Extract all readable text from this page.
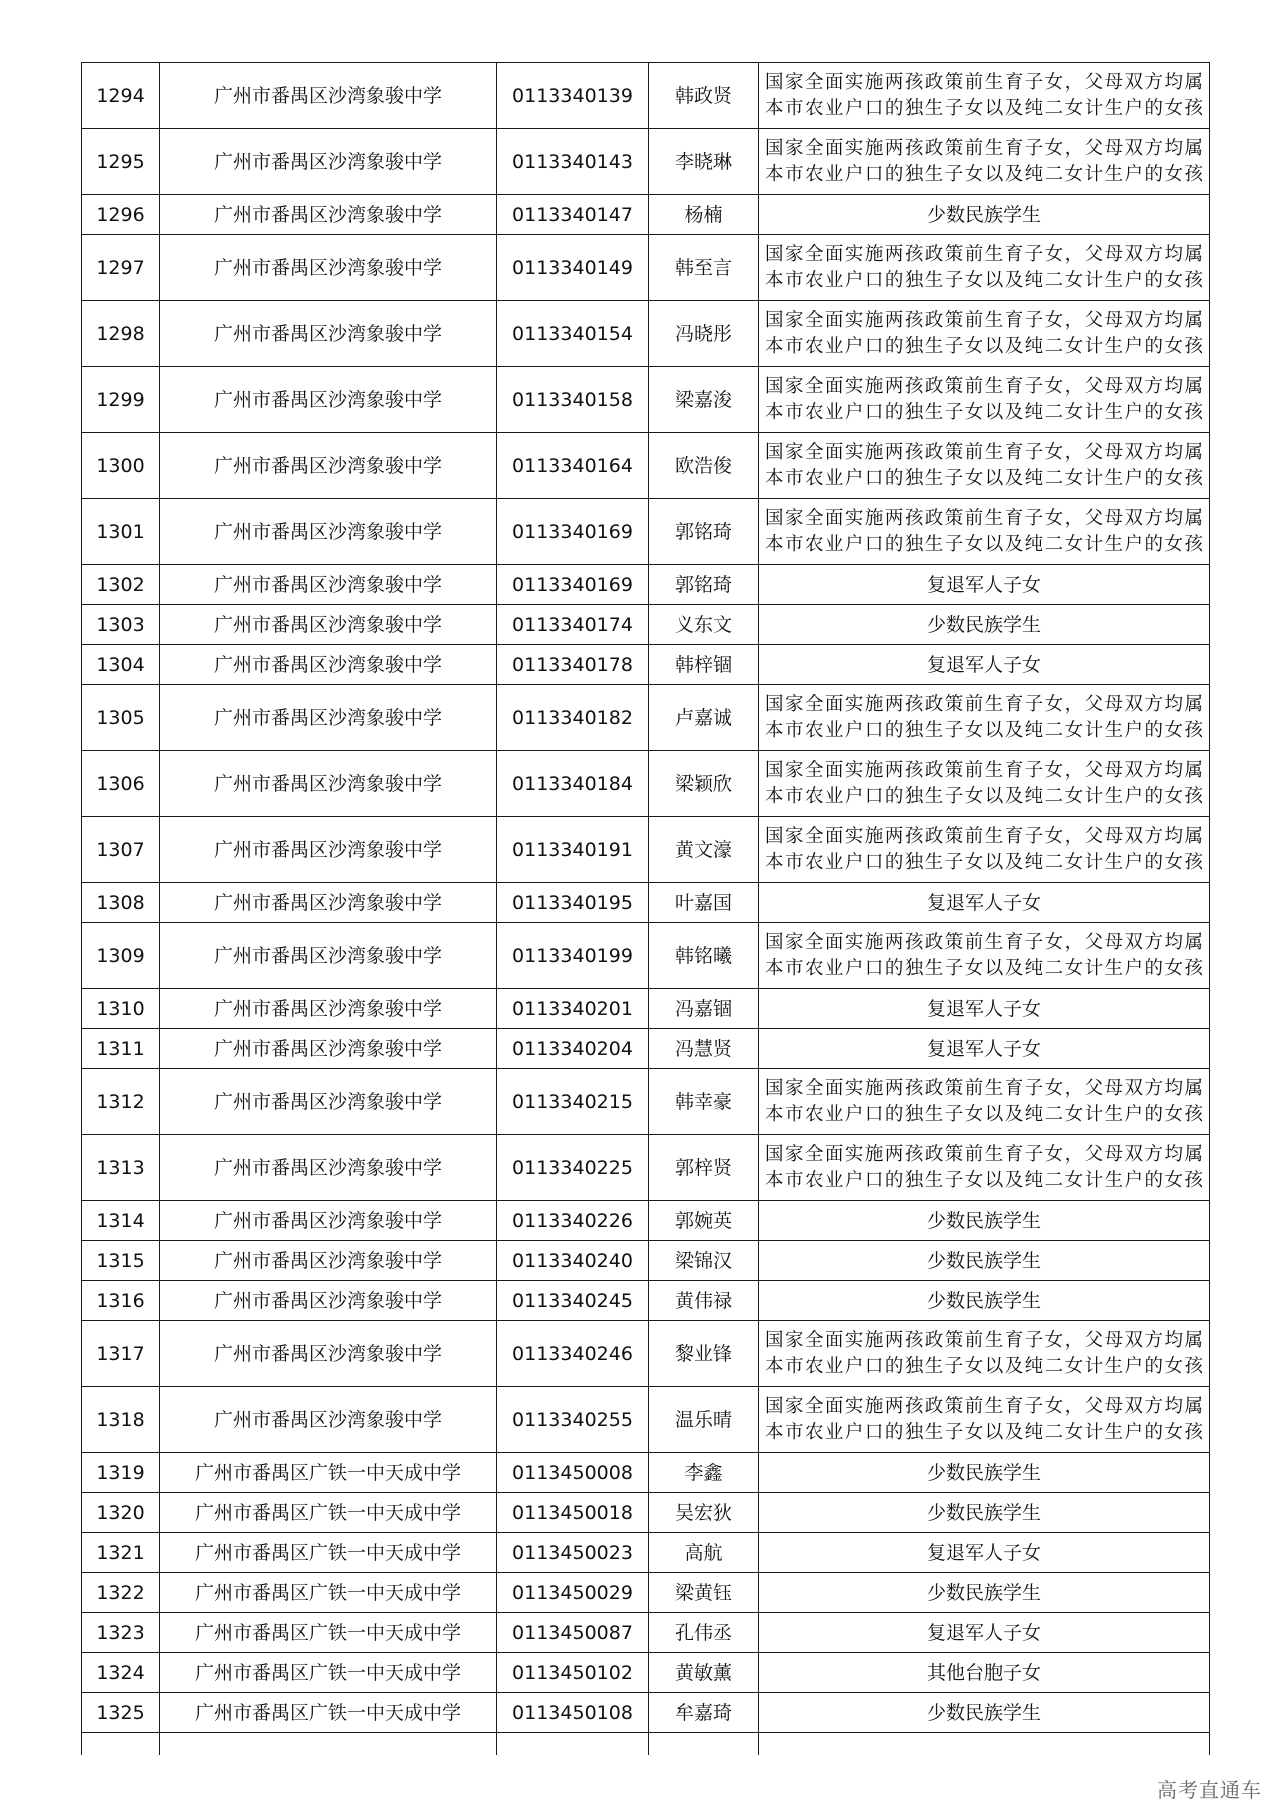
1294	广州市番禺区沙湾象骏中学	0113340139	韩政贤	国家全面实施两孩政策前生育子女，父母双方均属
本市农业户口的独生子女以及纯二女计生户的女孩

1295	广州市番禺区沙湾象骏中学	0113340143	李晓琳	国家全面实施两孩政策前生育子女，父母双方均属
本市农业户口的独生子女以及纯二女计生户的女孩

1296	广州市番禺区沙湾象骏中学	0113340147	杨楠	少数民族学生
1297	广州市番禺区沙湾象骏中学	0113340149	韩至言	国家全面实施两孩政策前生育子女，父母双方均属
本市农业户口的独生子女以及纯二女计生户的女孩

1298	广州市番禺区沙湾象骏中学	0113340154	冯晓彤	国家全面实施两孩政策前生育子女，父母双方均属
本市农业户口的独生子女以及纯二女计生户的女孩

1299	广州市番禺区沙湾象骏中学	0113340158	梁嘉浚	国家全面实施两孩政策前生育子女，父母双方均属
本市农业户口的独生子女以及纯二女计生户的女孩

1300	广州市番禺区沙湾象骏中学	0113340164	欧浩俊	国家全面实施两孩政策前生育子女，父母双方均属
本市农业户口的独生子女以及纯二女计生户的女孩

1301	广州市番禺区沙湾象骏中学	0113340169	郭铭琦	国家全面实施两孩政策前生育子女，父母双方均属
本市农业户口的独生子女以及纯二女计生户的女孩

1302	广州市番禺区沙湾象骏中学	0113340169	郭铭琦	复退军人子女
1303	广州市番禺区沙湾象骏中学	0113340174	义东文	少数民族学生
1304	广州市番禺区沙湾象骏中学	0113340178	韩梓锢	复退军人子女
1305	广州市番禺区沙湾象骏中学	0113340182	卢嘉诚	国家全面实施两孩政策前生育子女，父母双方均属
本市农业户口的独生子女以及纯二女计生户的女孩

1306	广州市番禺区沙湾象骏中学	0113340184	梁颖欣	国家全面实施两孩政策前生育子女，父母双方均属
本市农业户口的独生子女以及纯二女计生户的女孩

1307	广州市番禺区沙湾象骏中学	0113340191	黄文濠	国家全面实施两孩政策前生育子女，父母双方均属
本市农业户口的独生子女以及纯二女计生户的女孩

1308	广州市番禺区沙湾象骏中学	0113340195	叶嘉国	复退军人子女
1309	广州市番禺区沙湾象骏中学	0113340199	韩铭曦	国家全面实施两孩政策前生育子女，父母双方均属
本市农业户口的独生子女以及纯二女计生户的女孩

1310	广州市番禺区沙湾象骏中学	0113340201	冯嘉锢	复退军人子女
1311	广州市番禺区沙湾象骏中学	0113340204	冯慧贤	复退军人子女
1312	广州市番禺区沙湾象骏中学	0113340215	韩幸豪	国家全面实施两孩政策前生育子女，父母双方均属
本市农业户口的独生子女以及纯二女计生户的女孩

1313	广州市番禺区沙湾象骏中学	0113340225	郭梓贤	国家全面实施两孩政策前生育子女，父母双方均属
本市农业户口的独生子女以及纯二女计生户的女孩

1314	广州市番禺区沙湾象骏中学	0113340226	郭婉英	少数民族学生
1315	广州市番禺区沙湾象骏中学	0113340240	梁锦汉	少数民族学生
1316	广州市番禺区沙湾象骏中学	0113340245	黄伟禄	少数民族学生
1317	广州市番禺区沙湾象骏中学	0113340246	黎业锋	国家全面实施两孩政策前生育子女，父母双方均属
本市农业户口的独生子女以及纯二女计生户的女孩

1318	广州市番禺区沙湾象骏中学	0113340255	温乐晴	国家全面实施两孩政策前生育子女，父母双方均属
本市农业户口的独生子女以及纯二女计生户的女孩

1319	广州市番禺区广铁一中天成中学	0113450008	李鑫	少数民族学生
1320	广州市番禺区广铁一中天成中学	0113450018	吴宏狄	少数民族学生
1321	广州市番禺区广铁一中天成中学	0113450023	高航	复退军人子女
1322	广州市番禺区广铁一中天成中学	0113450029	梁黄钰	少数民族学生
1323	广州市番禺区广铁一中天成中学	0113450087	孔伟丞	复退军人子女
1324	广州市番禺区广铁一中天成中学	0113450102	黄敏薰	其他台胞子女
1325	广州市番禺区广铁一中天成中学	0113450108	牟嘉琦	少数民族学生

高考直通车
